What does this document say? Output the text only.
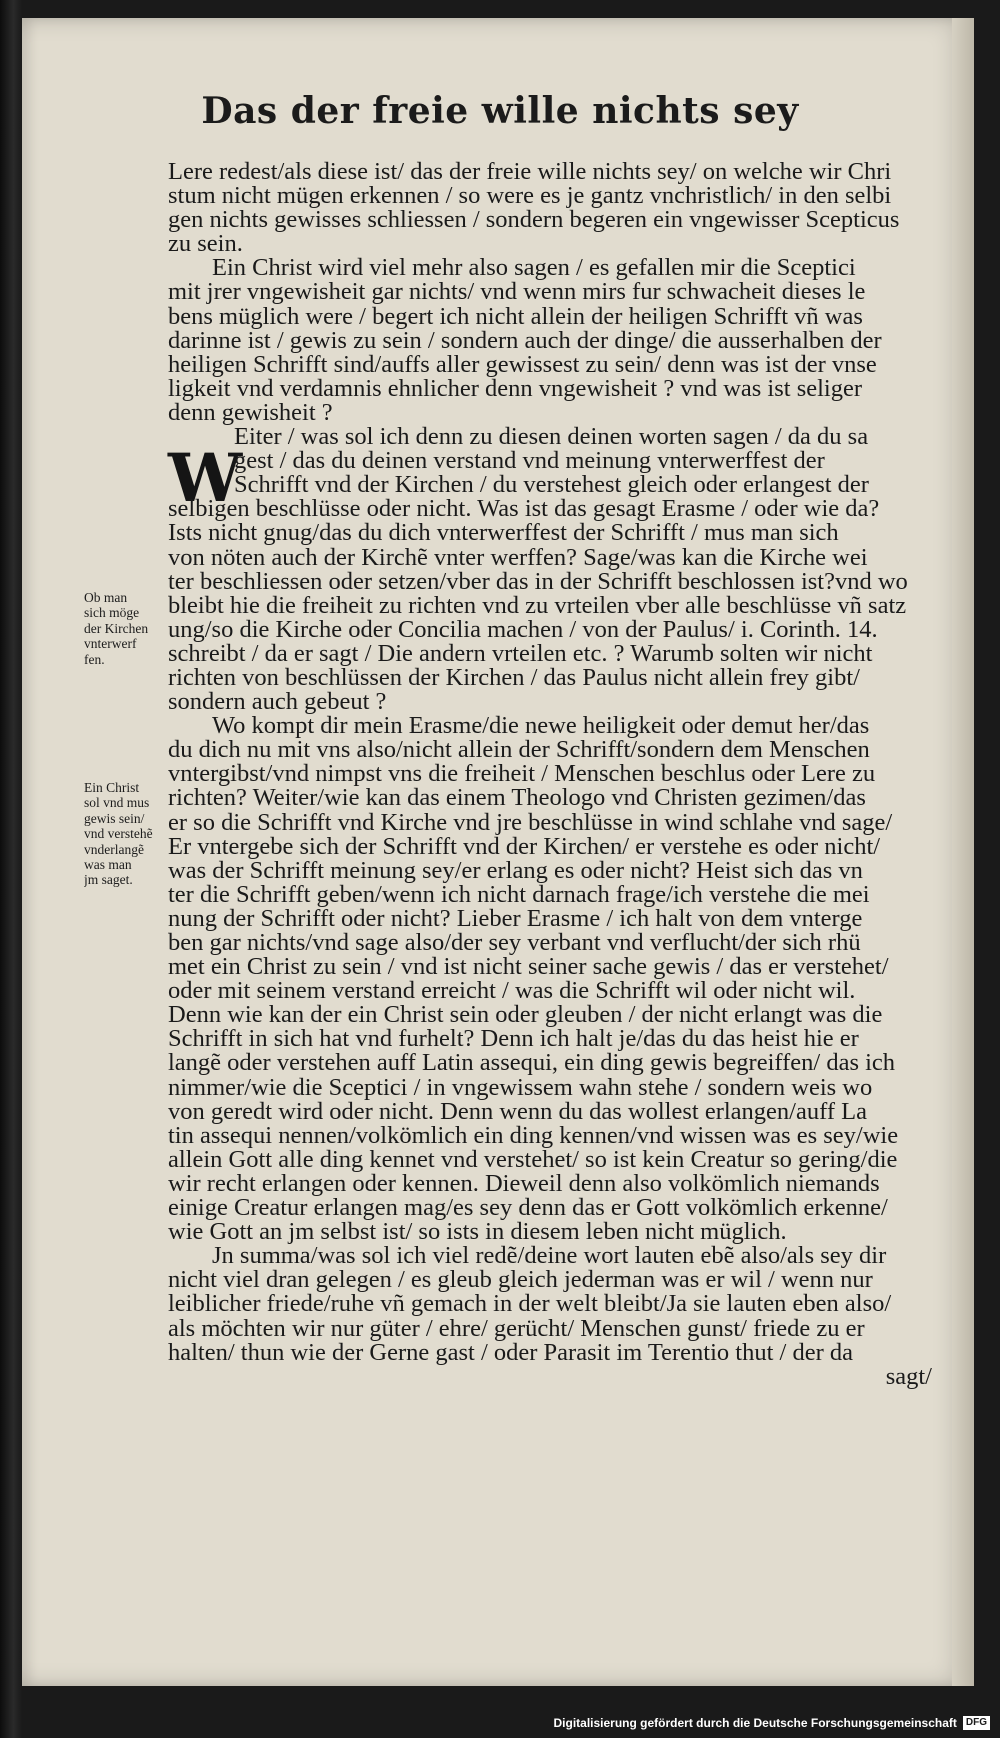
Das der freie wille nichts sey
W
Lere redest/als diese ist/ das der freie wille nichts sey/ on welche wir Chri
stum nicht mügen erkennen / so were es je gantz vnchristlich/ in den selbi
gen nichts gewisses schliessen / sondern begeren ein vngewisser Scepticus
zu sein.
Ein Christ wird viel mehr also sagen / es gefallen mir die Sceptici
mit jrer vngewisheit gar nichts/ vnd wenn mirs fur schwacheit dieses le
bens müglich were / begert ich nicht allein der heiligen Schrifft vñ was
darinne ist / gewis zu sein / sondern auch der dinge/ die ausserhalben der
heiligen Schrifft sind/auffs aller gewissest zu sein/ denn was ist der vnse
ligkeit vnd verdamnis ehnlicher denn vngewisheit ? vnd was ist seliger
denn gewisheit ?
Eiter / was sol ich denn zu diesen deinen worten sagen / da du sa
gest / das du deinen verstand vnd meinung vnterwerffest der
Schrifft vnd der Kirchen / du verstehest gleich oder erlangest der
selbigen beschlüsse oder nicht. Was ist das gesagt Erasme / oder wie da?
Ists nicht gnug/das du dich vnterwerffest der Schrifft / mus man sich
von nöten auch der Kirchẽ vnter werffen? Sage/was kan die Kirche wei
ter beschliessen oder setzen/vber das in der Schrifft beschlossen ist?vnd wo
bleibt hie die freiheit zu richten vnd zu vrteilen vber alle beschlüsse vñ satz
ung/so die Kirche oder Concilia machen / von der Paulus/ i. Corinth. 14.
schreibt / da er sagt / Die andern vrteilen etc. ? Warumb solten wir nicht
richten von beschlüssen der Kirchen / das Paulus nicht allein frey gibt/
sondern auch gebeut ?
Wo kompt dir mein Erasme/die newe heiligkeit oder demut her/das
du dich nu mit vns also/nicht allein der Schrifft/sondern dem Menschen
vntergibst/vnd nimpst vns die freiheit / Menschen beschlus oder Lere zu
richten? Weiter/wie kan das einem Theologo vnd Christen gezimen/das
er so die Schrifft vnd Kirche vnd jre beschlüsse in wind schlahe vnd sage/
Er vntergebe sich der Schrifft vnd der Kirchen/ er verstehe es oder nicht/
was der Schrifft meinung sey/er erlang es oder nicht? Heist sich das vn
ter die Schrifft geben/wenn ich nicht darnach frage/ich verstehe die mei
nung der Schrifft oder nicht? Lieber Erasme / ich halt von dem vnterge
ben gar nichts/vnd sage also/der sey verbant vnd verflucht/der sich rhü
met ein Christ zu sein / vnd ist nicht seiner sache gewis / das er verstehet/
oder mit seinem verstand erreicht / was die Schrifft wil oder nicht wil.
Denn wie kan der ein Christ sein oder gleuben / der nicht erlangt was die
Schrifft in sich hat vnd furhelt? Denn ich halt je/das du das heist hie er
langẽ oder verstehen auff Latin assequi, ein ding gewis begreiffen/ das ich
nimmer/wie die Sceptici / in vngewissem wahn stehe / sondern weis wo
von geredt wird oder nicht. Denn wenn du das wollest erlangen/auff La
tin assequi nennen/volkömlich ein ding kennen/vnd wissen was es sey/wie
allein Gott alle ding kennet vnd verstehet/ so ist kein Creatur so gering/die
wir recht erlangen oder kennen. Dieweil denn also volkömlich niemands
einige Creatur erlangen mag/es sey denn das er Gott volkömlich erkenne/
wie Gott an jm selbst ist/ so ists in diesem leben nicht müglich.
Jn summa/was sol ich viel redẽ/deine wort lauten ebẽ also/als sey dir
nicht viel dran gelegen / es gleub gleich jederman was er wil / wenn nur
leiblicher friede/ruhe vñ gemach in der welt bleibt/Ja sie lauten eben also/
als möchten wir nur güter / ehre/ gerücht/ Menschen gunst/ friede zu er
halten/ thun wie der Gerne gast / oder Parasit im Terentio thut / der da
sagt/
Ob man
sich möge
der Kirchen
vnterwerf
fen.
Ein Christ
sol vnd mus
gewis sein/
vnd verstehẽ
vnderlangẽ
was man
jm saget.
Digitalisierung gefördert durch die Deutsche Forschungsgemeinschaft DFG
